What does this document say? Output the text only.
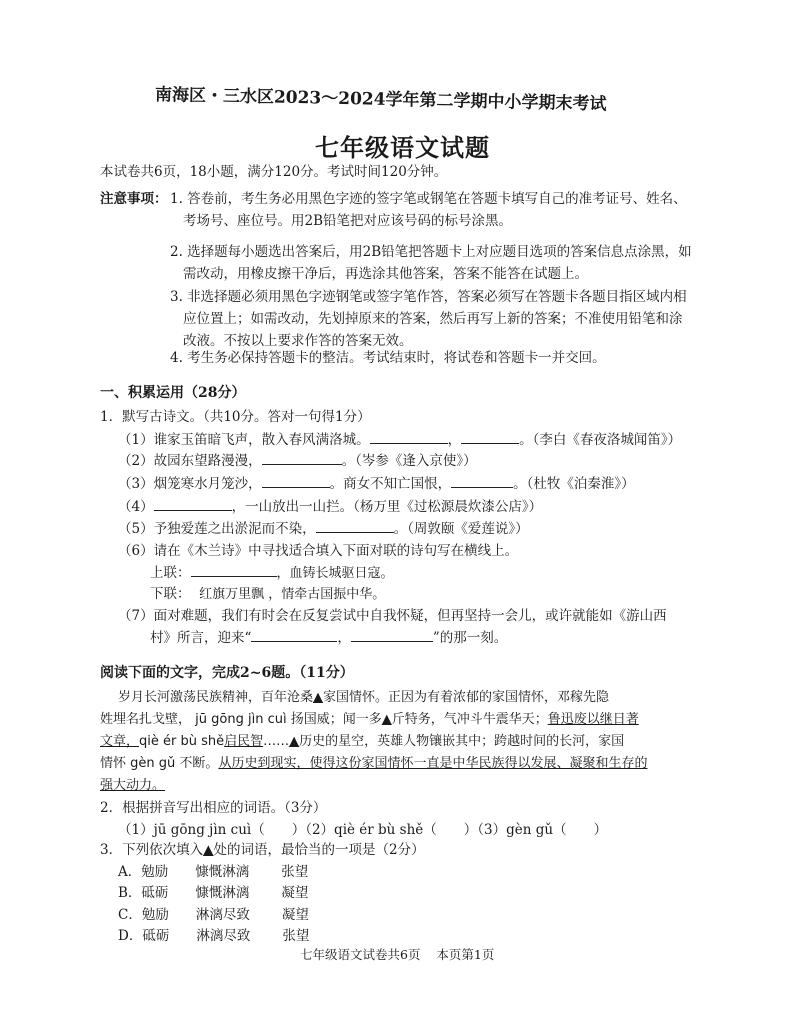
南海区・三水区2023～2024学年第二学期中小学期末考试
七年级语文试题
本试卷共6页，18小题，满分120分。考试时间120分钟。
注意事项： 1. 答卷前，考生务必用黑色字迹的签字笔或钢笔在答题卡填写自己的准考证号、姓名、
考场号、座位号。用2B铅笔把对应该号码的标号涂黑。
2. 选择题每小题选出答案后，用2B铅笔把答题卡上对应题目选项的答案信息点涂黑，如
需改动，用橡皮擦干净后，再选涂其他答案，答案不能答在试题上。
3. 非选择题必须用黑色字迹钢笔或签字笔作答，答案必须写在答题卡各题目指区域内相
应位置上；如需改动，先划掉原来的答案，然后再写上新的答案；不准使用铅笔和涂
改液。不按以上要求作答的答案无效。
4. 考生务必保持答题卡的整洁。考试结束时，将试卷和答题卡一并交回。
一、积累运用（28分）
1．默写古诗文。（共10分。答对一句得1分）
（1）谁家玉笛暗飞声，散入春风满洛城。	，	。（李白《春夜洛城闻笛》）
（2）故园东望路漫漫，	。（岑参《逢入京使》）
（3）烟笼寒水月笼沙，	。商女不知亡国恨，	。（杜牧《泊秦淮》）
（4）	，一山放出一山拦。（杨万里《过松源晨炊漆公店》）
（5）予独爱莲之出淤泥而不染，	。（周敦颐《爱莲说》）
（6）请在《木兰诗》中寻找适合填入下面对联的诗句写在横线上。
上联：	，血铸长城驱日寇。
下联： 红旗万里飘 ，情牵古国振中华。
（7）面对难题，我们有时会在反复尝试中自我怀疑，但再坚持一会儿，或许就能如《游山西
村》所言，迎来“	，	”的那一刻。
阅读下面的文字，完成2~6题。（11分）
岁月长河激荡民族精神，百年沧桑▲家国情怀。正因为有着浓郁的家国情怀，邓稼先隐
姓埋名扎戈壁， jū gōng jìn cuì 扬国威；闻一多▲斤特务，气冲斗牛震华天；鲁迅废以继日著
文章，qiè ér bù shě启民智……▲历史的星空，英雄人物镶嵌其中；跨越时间的长河，家国
情怀 gèn gǔ 不断。从历史到现实，使得这份家国情怀一直是中华民族得以发展、凝聚和生存的
强大动力。
2．根据拼音写出相应的词语。（3分）
（1）jū gōng jìn cuì（　　）（2）qiè ér bù shě（　　）（3）gèn gǔ（　　）
3．下列依次填入▲处的词语，最恰当的一项是（2分）
A．勉励 慷慨淋漓 张望
B．砥砺 慷慨淋漓 凝望
C．勉励 淋漓尽致 凝望
D．砥砺 淋漓尽致 张望
七年级语文试卷共6页 本页第1页
